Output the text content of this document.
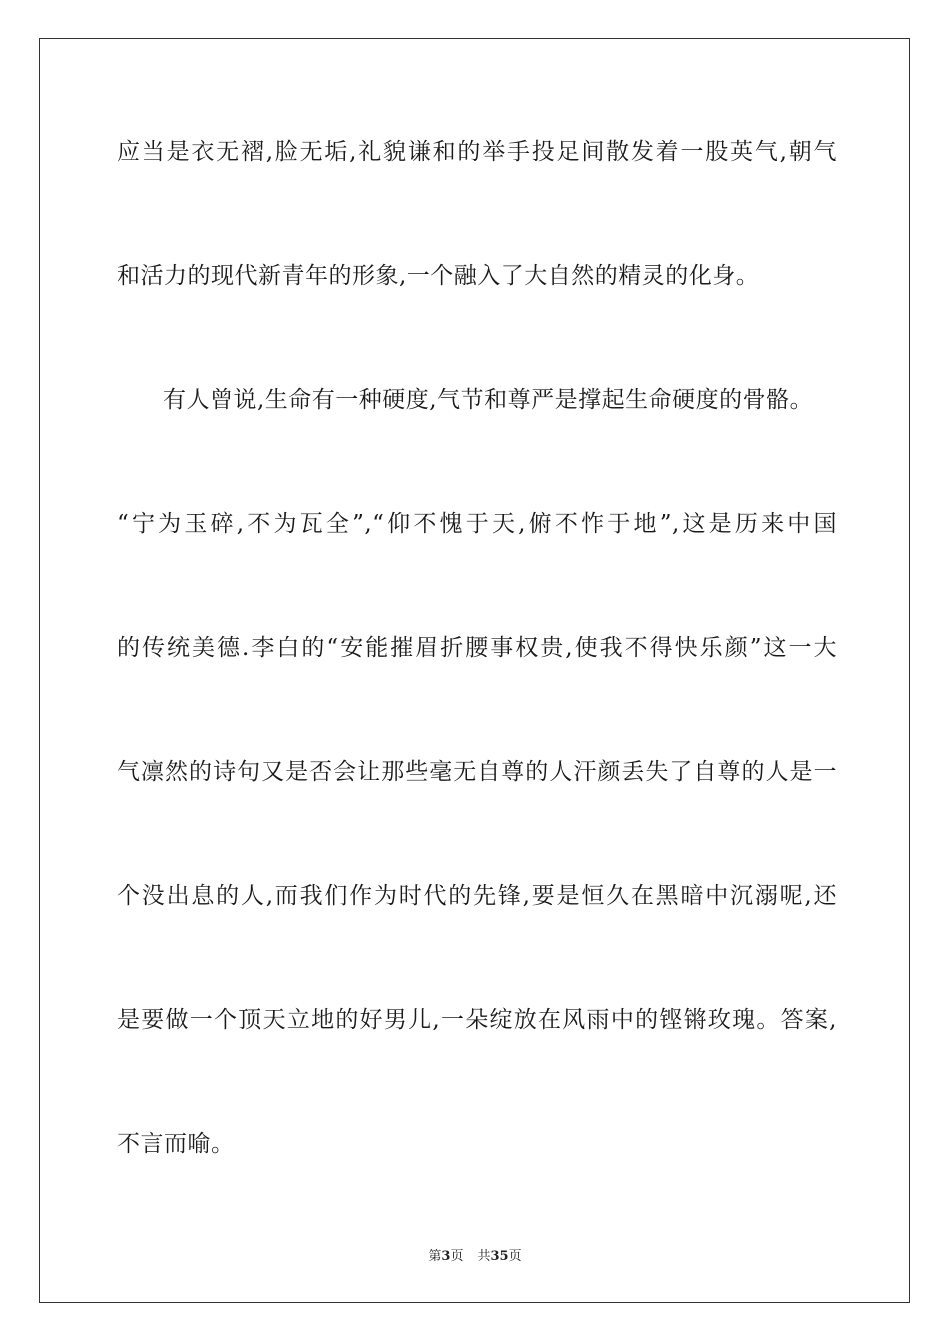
应当是衣无褶,脸无垢,礼貌谦和的举手投足间散发着一股英气,朝气
和活力的现代新青年的形象,一个融入了大自然的精灵的化身。
有人曾说,生命有一种硬度,气节和尊严是撑起生命硬度的骨骼。
“宁为玉碎,不为瓦全”,“仰不愧于天,俯不怍于地”,这是历来中国
的传统美德.李白的“安能摧眉折腰事权贵,使我不得快乐颜”这一大
气凛然的诗句又是否会让那些毫无自尊的人汗颜丢失了自尊的人是一
个没出息的人,而我们作为时代的先锋,要是恒久在黑暗中沉溺呢,还
是要做一个顶天立地的好男儿,一朵绽放在风雨中的铿锵玫瑰。答案,
不言而喻。
第3页 共35页
